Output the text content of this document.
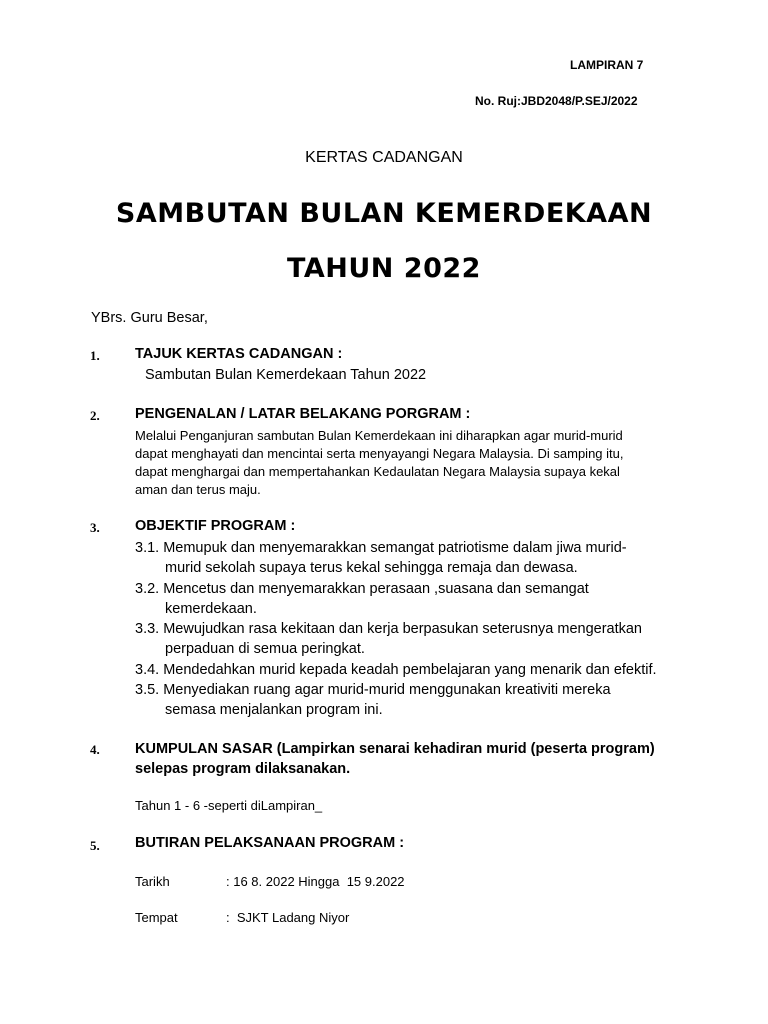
LAMPIRAN 7
No. Ruj:JBD2048/P.SEJ/2022
KERTAS CADANGAN
SAMBUTAN BULAN KEMERDEKAAN
TAHUN 2022
YBrs. Guru Besar,
1. TAJUK KERTAS CADANGAN :
Sambutan Bulan Kemerdekaan Tahun 2022
2. PENGENALAN / LATAR BELAKANG PORGRAM :

Melalui Penganjuran sambutan Bulan Kemerdekaan ini diharapkan agar murid-murid

dapat menghayati dan mencintai serta menyayangi Negara Malaysia. Di samping itu,

dapat menghargai dan mempertahankan Kedaulatan Negara Malaysia supaya kekal

aman dan terus maju.

3. OBJEKTIF PROGRAM :
3.1. Memupuk dan menyemarakkan semangat patriotisme dalam jiwa murid-
murid sekolah supaya terus kekal sehingga remaja dan dewasa.
3.2. Mencetus dan menyemarakkan perasaan ,suasana dan semangat
kemerdekaan.
3.3. Mewujudkan rasa kekitaan dan kerja berpasukan seterusnya mengeratkan
perpaduan di semua peringkat.
3.4. Mendedahkan murid kepada keadah pembelajaran yang menarik dan efektif.
3.5. Menyediakan ruang agar murid-murid menggunakan kreativiti mereka
semasa menjalankan program ini.
4. KUMPULAN SASAR (Lampirkan senarai kehadiran murid (peserta program)

selepas program dilaksanakan.

Tahun 1 - 6 -seperti diLampiran_
5. BUTIRAN PELAKSANAAN PROGRAM :
Tarikh	: 16 8. 2022 Hingga  15 9.2022
Tempat	:  SJKT Ladang Niyor
